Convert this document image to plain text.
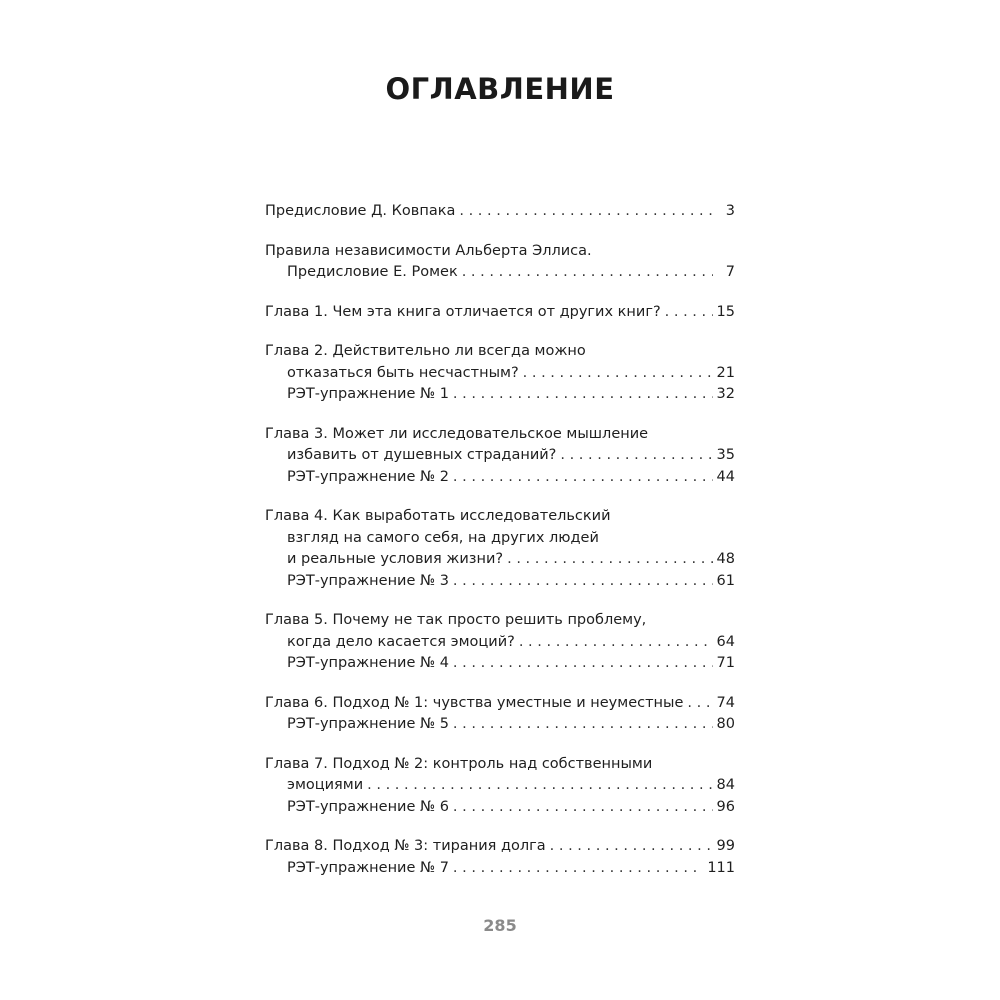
ОГЛАВЛЕНИЕ
Предисловие Д. Ковпака . . .	3
Правила независимости Альберта Эллиса.
Предисловие Е. Ромек . . .	7
Глава 1. Чем эта книга отличается от других книг? . . .	15
Глава 2. Действительно ли всегда можно
отказаться быть несчастным? . . .	21
РЭТ-упражнение № 1 . . .	32
Глава 3. Может ли исследовательское мышление
избавить от душевных страданий? . . .	35
РЭТ-упражнение № 2 . . .	44
Глава 4. Как выработать исследовательский
взгляд на самого себя, на других людей
и реальные условия жизни? . . .	48
РЭТ-упражнение № 3 . . .	61
Глава 5. Почему не так просто решить проблему,
когда дело касается эмоций? . . .	64
РЭТ-упражнение № 4 . . .	71
Глава 6. Подход № 1: чувства уместные и неуместные . . . 74
РЭТ-упражнение № 5 . . .	80
Глава 7. Подход № 2: контроль над собственными
эмоциями . . .	84
РЭТ-упражнение № 6 . . .	96
Глава 8. Подход № 3: тирания долга . . .	99
РЭТ-упражнение № 7 . . .	111
285
